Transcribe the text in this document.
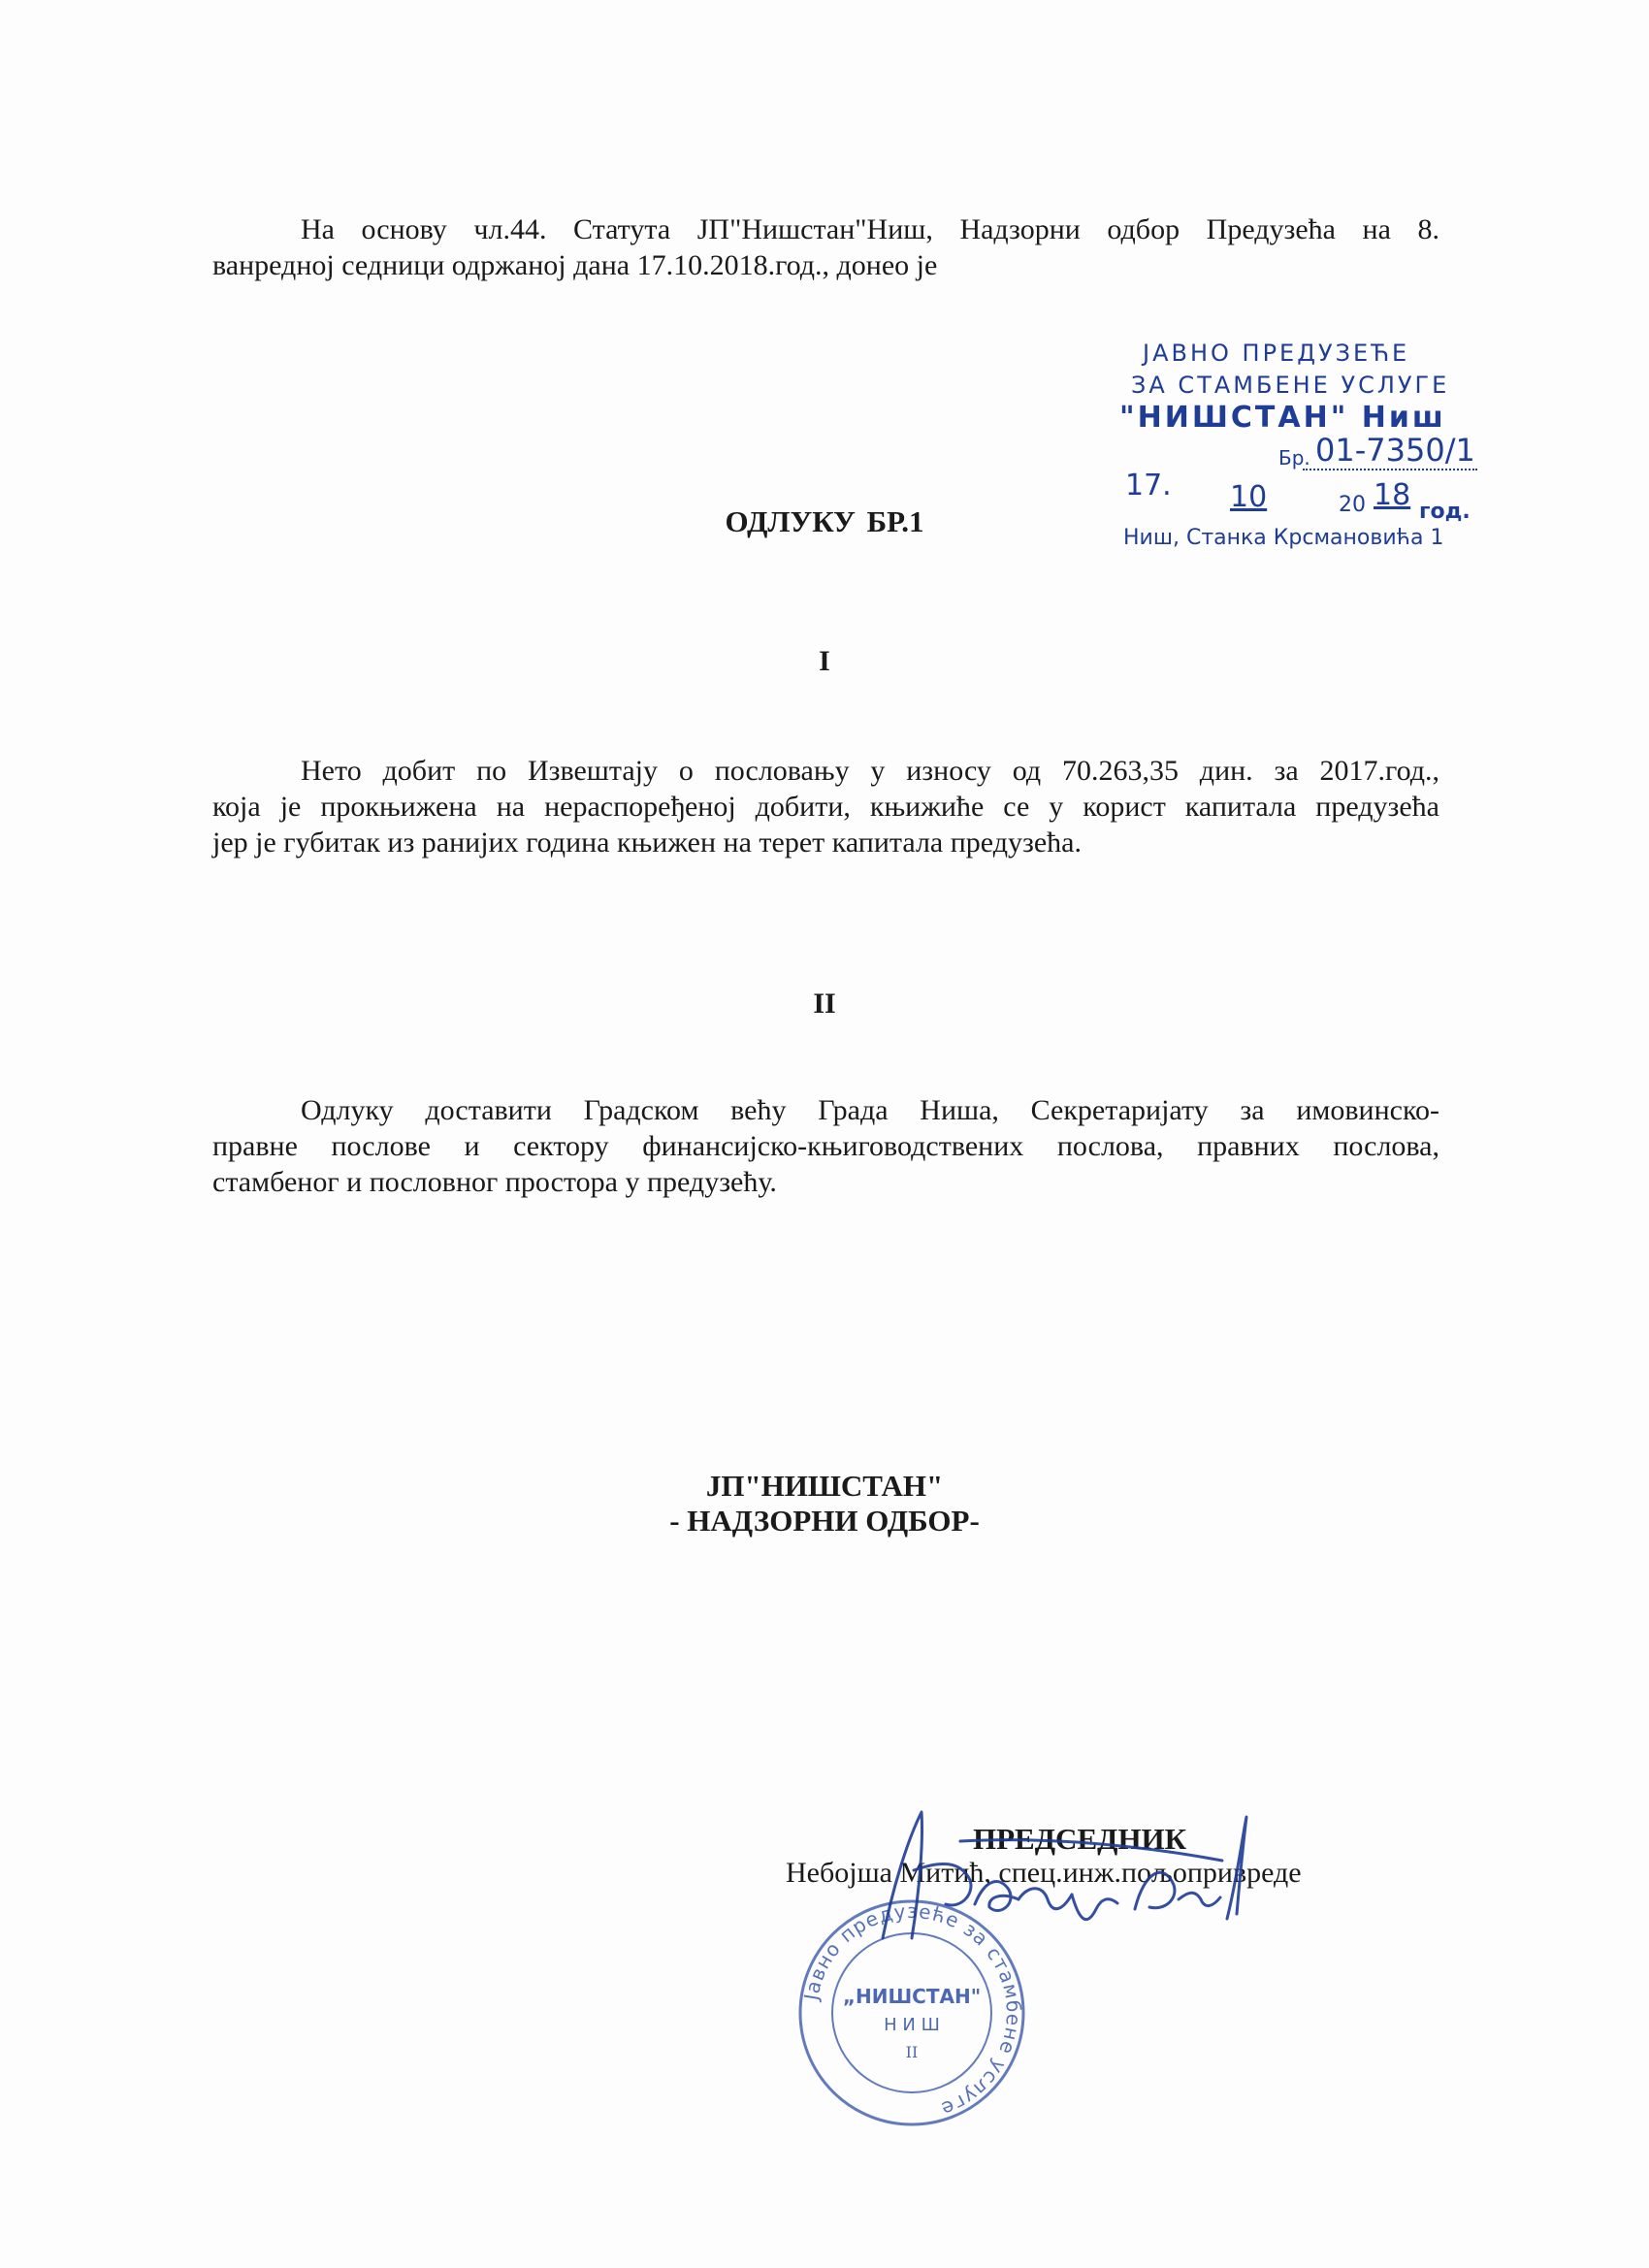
На основу чл.44. Статута ЈП"Нишстан"Ниш, Надзорни одбор Предузећа на 8.
ванредној седници одржаној дана 17.10.2018.год., донео је
ЈАВНО ПРЕДУЗЕЋЕ
ЗА СТАМБЕНЕ УСЛУГЕ
"НИШСТАН" Ниш
Бр. 01-7350/1
17. 10	20 18 год.
Ниш, Станка Крсмановића 1
ОДЛУКУ БР.1
I
Нето добит по Извештају о пословању у износу од 70.263,35 дин. за 2017.год.,
која је прокњижена на нераспоређеној добити, књижиће се у корист капитала предузећа
јер је губитак из ранијих година књижен на терет капитала предузећа.
II
Одлуку доставити Градском већу Града Ниша, Секретаријату за имовинско-
правне послове и сектору финансијско-књиговодствених послова, правних послова,
стамбеног и пословног простора у предузећу.
ЈП"НИШСТАН"
- НАДЗОРНИ ОДБОР-
Јавно предузеће за стамбене услуге
„НИШСТАН"
Н И Ш
II
ПРЕДСЕДНИК
Небојша Митић, спец.инж.пољопривреде
